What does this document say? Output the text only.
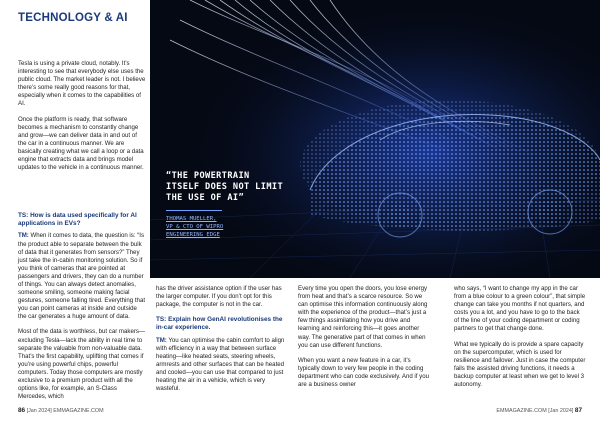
TECHNOLOGY & AI

Tesla is using a private cloud, notably. It’s interesting to see that everybody else uses the public cloud. The market leader is not. I believe there’s some really good reasons for that, especially when it comes to the capabilities of AI.

Once the platform is ready, that software becomes a mechanism to constantly change and grow—we can deliver data in and out of the car in a continuous manner. We are basically creating what we call a loop or a data engine that extracts data and brings model updates to the vehicle in a continuous manner.

TS: How is data used specifically for AI applications in EVs?

TM: When it comes to data, the question is: “Is the product able to separate between the bulk of data that it generates from sensors?” They just take the in-cabin monitoring solution. So if you think of cameras that are pointed at passengers and drivers, they can do a number of things. You can always detect anomalies, someone smiling, someone making facial gestures, someone falling tired. Everything that you can point cameras at inside and outside the car generates a huge amount of data.

Most of the data is worthless, but car makers—excluding Tesla—lack the ability in real time to separate the valuable from non-valuable data. That’s the first capability, uplifting that comes if you’re using powerful chips, powerful computers. Today those computers are mostly exclusive to a premium product with all the options like, for example, an S-Class Mercedes, which

“THE POWERTRAIN ITSELF DOES NOT LIMIT THE USE OF AI”
THOMAS MUELLER,
VP & CTO OF WIPRO
ENGINEERING EDGE

has the driver assistance option if the user has the larger computer. If you don’t opt for this package, the computer is not in the car.

TS: Explain how GenAI revolutionises the in-car experience.

TM: You can optimise the cabin comfort to align with efficiency in a way that between surface heating—like heated seats, steering wheels, armrests and other surfaces that can be heated and cooled—you can use that compared to just heating the air in a vehicle, which is very wasteful.

Every time you open the doors, you lose energy from heat and that’s a scarce resource. So we can optimise this information continuously along with the experience of the product—that’s just a few things assimilating how you drive and learning and reinforcing this—it goes another way. The generative part of that comes in when you can use different functions.

When you want a new feature in a car, it’s typically down to very few people in the coding department who can code exclusively. And if you are a business owner

who says, “I want to change my app in the car from a blue colour to a green colour”, that simple change can take you months if not quarters, and costs you a lot, and you have to go to the back of the line of your coding department or coding partners to get that change done.

What we typically do is provide a spare capacity on the supercomputer, which is used for resilience and failover. Just in case the computer fails the assisted driving functions, it needs a backup computer at least when we get to level 3 autonomy.

86 [Jan 2024] EMMAGAZINE.COM	EMMAGAZINE.COM [Jan 2024] 87
